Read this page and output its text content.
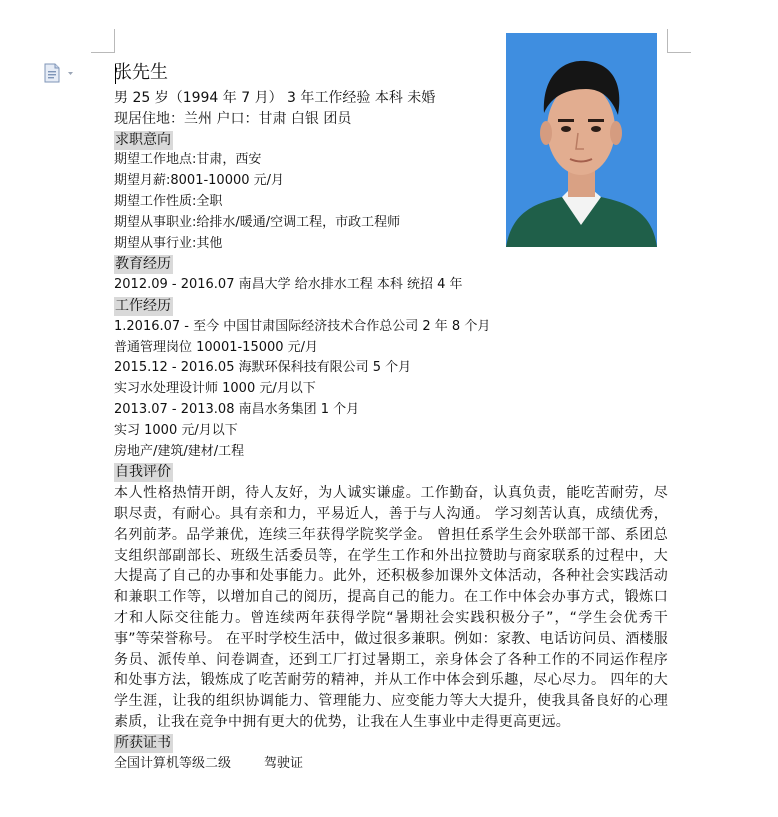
张先生
男 25 岁（1994 年 7 月） 3 年工作经验 本科 未婚
现居住地：兰州 户口：甘肃 白银 团员
求职意向
期望工作地点:甘肃，西安
期望月薪:8001-10000 元/月
期望工作性质:全职
期望从事职业:给排水/暖通/空调工程，市政工程师
期望从事行业:其他
教育经历
2012.09 - 2016.07 南昌大学 给水排水工程 本科 统招 4 年
工作经历
1.2016.07 - 至今 中国甘肃国际经济技术合作总公司 2 年 8 个月
普通管理岗位 10001-15000 元/月
2015.12 - 2016.05 海默环保科技有限公司 5 个月
实习水处理设计师 1000 元/月以下
2013.07 - 2013.08 南昌水务集团 1 个月
实习 1000 元/月以下
房地产/建筑/建材/工程
自我评价
本人性格热情开朗，待人友好，为人诚实谦虚。工作勤奋，认真负责，能吃苦耐劳，尽职尽责，有耐心。具有亲和力，平易近人，善于与人沟通。 学习刻苦认真，成绩优秀，名列前茅。品学兼优，连续三年获得学院奖学金。 曾担任系学生会外联部干部、系团总支组织部副部长、班级生活委员等，在学生工作和外出拉赞助与商家联系的过程中，大大提高了自己的办事和处事能力。此外，还积极参加课外文体活动，各种社会实践活动和兼职工作等，以增加自己的阅历，提高自己的能力。在工作中体会办事方式，锻炼口才和人际交往能力。曾连续两年获得学院“暑期社会实践积极分子”，“学生会优秀干事”等荣誉称号。 在平时学校生活中，做过很多兼职。例如：家教、电话访问员、酒楼服务员、派传单、问卷调查，还到工厂打过暑期工，亲身体会了各种工作的不同运作程序和处事方法，锻炼成了吃苦耐劳的精神，并从工作中体会到乐趣，尽心尽力。 四年的大学生涯，让我的组织协调能力、管理能力、应变能力等大大提升，使我具备良好的心理素质，让我在竞争中拥有更大的优势，让我在人生事业中走得更高更远。
所获证书
全国计算机等级二级        驾驶证
